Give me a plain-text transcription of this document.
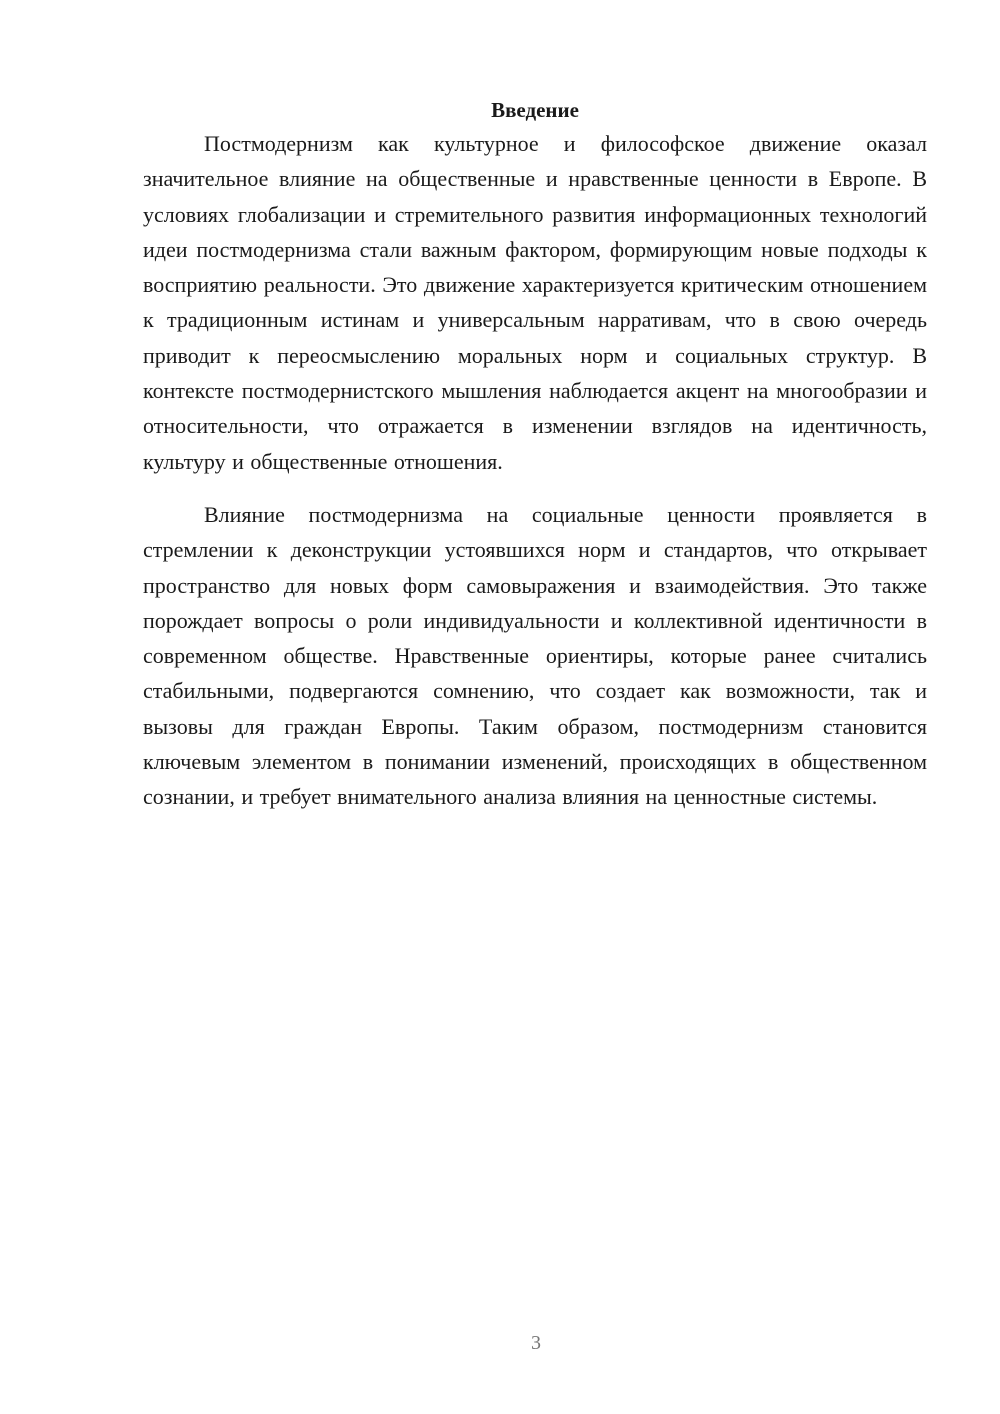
Введение

Постмодернизм как культурное и философское движение оказал значительное влияние на общественные и нравственные ценности в Европе. В условиях глобализации и стремительного развития информационных технологий идеи постмодернизма стали важным фактором, формирующим новые подходы к восприятию реальности. Это движение характеризуется критическим отношением к традиционным истинам и универсальным нарративам, что в свою очередь приводит к переосмыслению моральных норм и социальных структур. В контексте постмодернистского мышления наблюдается акцент на многообразии и относительности, что отражается в изменении взглядов на идентичность, культуру и общественные отношения.

Влияние постмодернизма на социальные ценности проявляется в стремлении к деконструкции устоявшихся норм и стандартов, что открывает пространство для новых форм самовыражения и взаимодействия. Это также порождает вопросы о роли индивидуальности и коллективной идентичности в современном обществе. Нравственные ориентиры, которые ранее считались стабильными, подвергаются сомнению, что создает как возможности, так и вызовы для граждан Европы. Таким образом, постмодернизм становится ключевым элементом в понимании изменений, происходящих в общественном сознании, и требует внимательного анализа влияния на ценностные системы.

3
